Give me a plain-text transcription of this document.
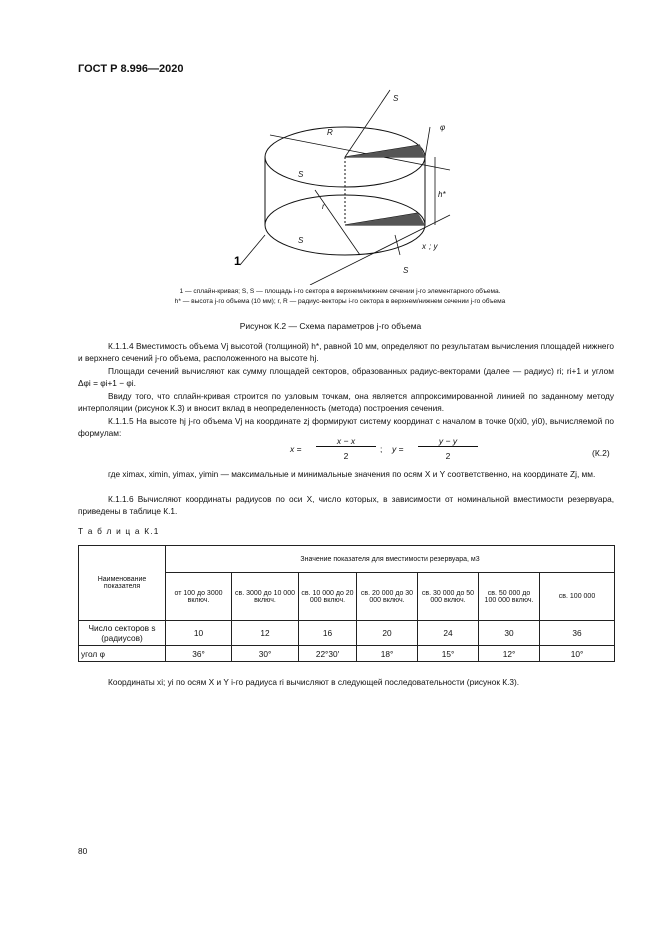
ГОСТ Р 8.996—2020
S
R
S
r
S
S
φ
h*
x ; y
1
1 — сплайн-кривая; S, S — площадь i-го сектора в верхнем/нижнем сечении j-го элементарного объема.
h* — высота j-го объема (10 мм); r, R — радиус-векторы i-го сектора в верхнем/нижнем сечении j-го объема
Рисунок К.2 — Схема параметров j-го объема
К.1.1.4 Вместимость объема Vj высотой (толщиной) h*, равной 10 мм, определяют по результатам вычисления площадей нижнего и верхнего сечений j-го объема, расположенного на высоте hj.
Площади сечений вычисляют как сумму площадей секторов, образованных радиус-векторами (далее — радиус) ri; ri+1 и углом Δφi = φi+1 − φi.
Ввиду того, что сплайн-кривая строится по узловым точкам, она является аппроксимированной линией по заданному методу интерполяции (рисунок К.3) и вносит вклад в неопределенность (метода) построения сечения.
К.1.1.5 На высоте hj j-го объема Vj на координате zj формируют систему координат с началом в точке 0(xi0, yi0), вычисляемой по формулам:
x =
x − x
2
; y =
y − y
2	(К.2)
где ximax, ximin, yimax, yimin — максимальные и минимальные значения по осям X и Y соответственно, на координате Zj, мм.
К.1.1.6 Вычисляют координаты радиусов по оси X, число которых, в зависимости от номинальной вместимости резервуара, приведены в таблице К.1.
Т а б л и ц а К.1
Наименование показателя	Значение показателя для вместимости резервуара, м3						
	от 100 до 3000 включ.	св. 3000 до 10 000 включ.	св. 10 000 до 20 000 включ.	св. 20 000 до 30 000 включ.	св. 30 000 до 50 000 включ.	св. 50 000 до 100 000 включ.	св. 100 000
Число секторов s (радиусов)	10	12	16	20	24	30	36
угол φ	36°	30°	22°30′	18°	15°	12°	10°
Координаты xi; yi по осям X и Y i-го радиуса ri вычисляют в следующей последовательности (рисунок К.3).
80
